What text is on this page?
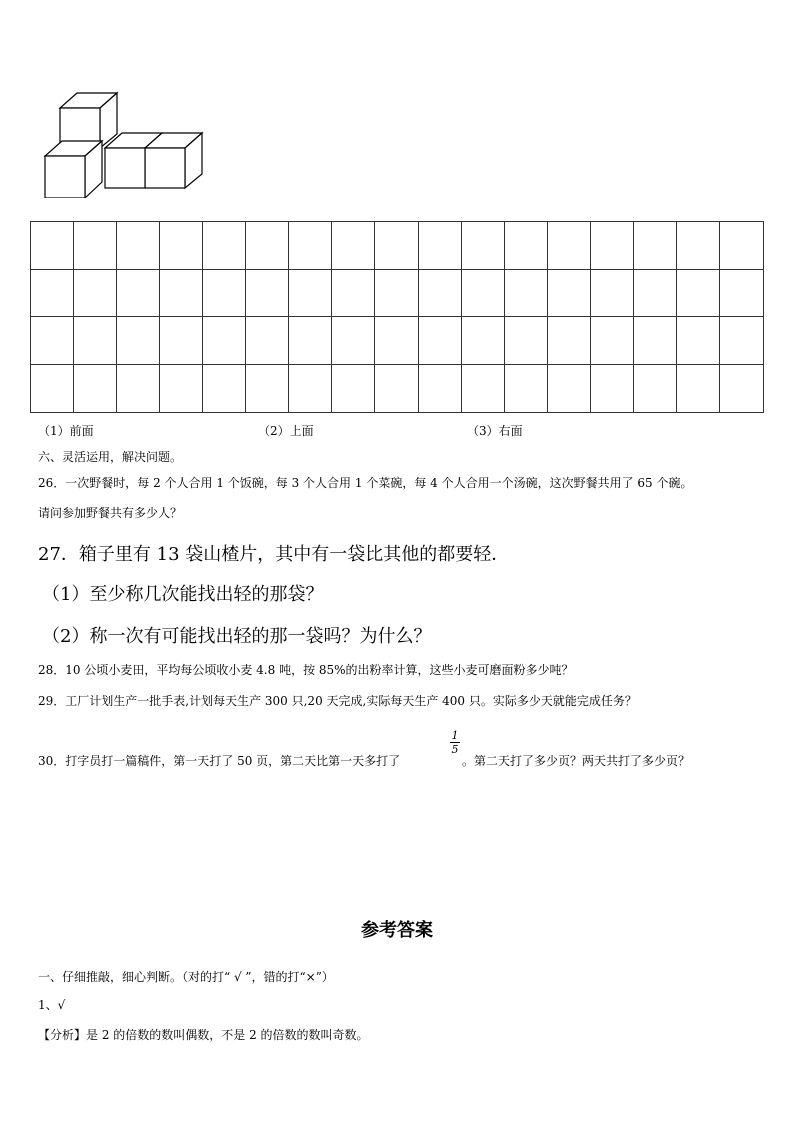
（1）前面	（2）上面	（3）右面
六、灵活运用，解决问题。
26．一次野餐时，每 2 个人合用 1 个饭碗，每 3 个人合用 1 个菜碗，每 4 个人合用一个汤碗，这次野餐共用了 65 个碗。
请问参加野餐共有多少人？
27．箱子里有 13 袋山楂片，其中有一袋比其他的都要轻．
（1）至少称几次能找出轻的那袋？
（2）称一次有可能找出轻的那一袋吗？为什么？
28．10 公顷小麦田，平均每公顷收小麦 4.8 吨，按 85%的出粉率计算，这些小麦可磨面粉多少吨？
29．工厂计划生产一批手表,计划每天生产 300 只,20 天完成,实际每天生产 400 只。实际多少天就能完成任务？
30．打字员打一篇稿件，第一天打了 50 页，第二天比第一天多打了
1
5
。第二天打了多少页？两天共打了多少页？
参考答案
一、仔细推敲，细心判断。（对的打“ √ ”，错的打“×”）
1、√
【分析】是 2 的倍数的数叫偶数，不是 2 的倍数的数叫奇数。
